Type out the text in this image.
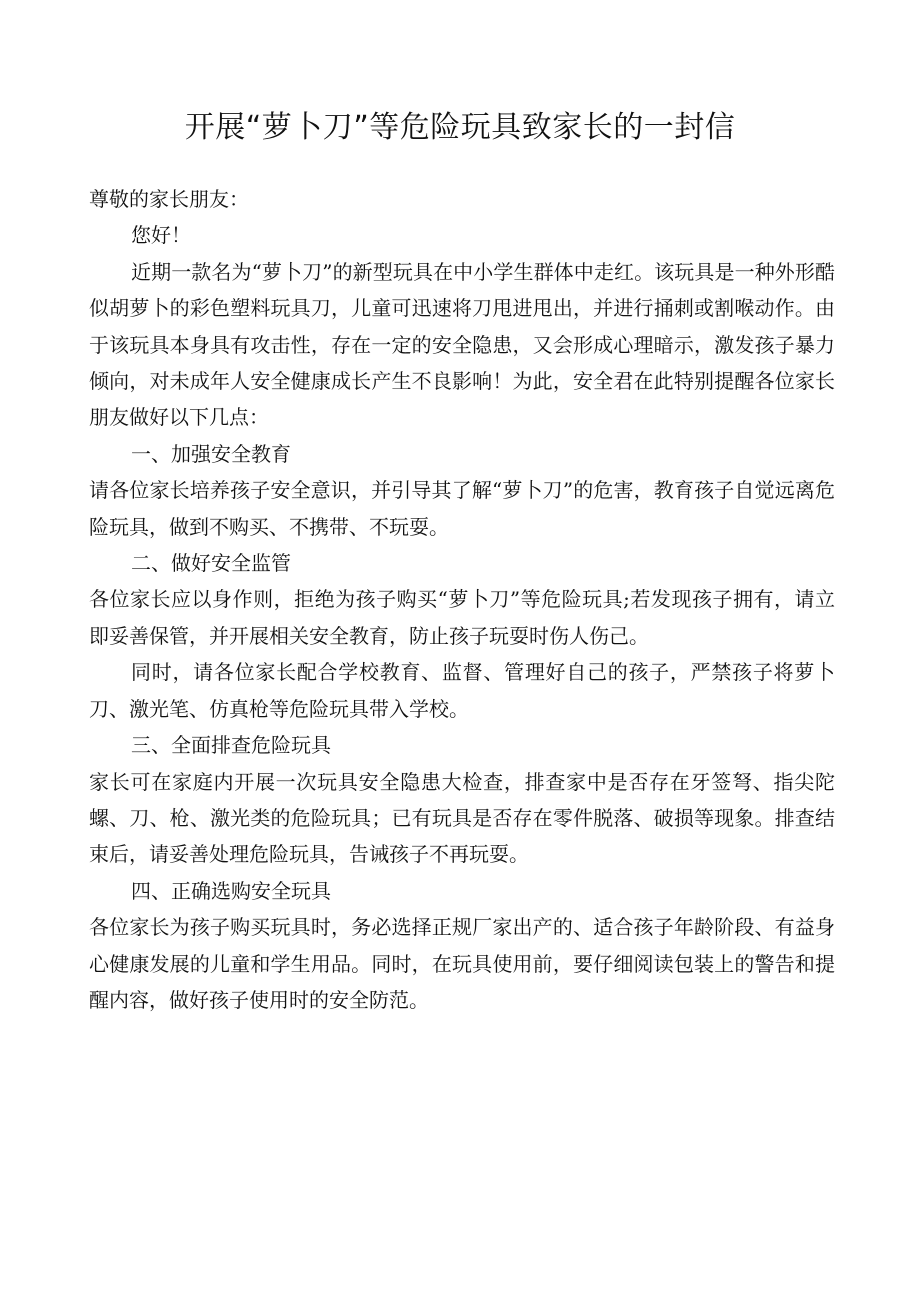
开展“萝卜刀”等危险玩具致家长的一封信

尊敬的家长朋友：

您好！

近期一款名为“萝卜刀”的新型玩具在中小学生群体中走红。该玩具是一种外形酷似胡萝卜的彩色塑料玩具刀，儿童可迅速将刀甩进甩出，并进行捅刺或割喉动作。由于该玩具本身具有攻击性，存在一定的安全隐患，又会形成心理暗示，激发孩子暴力倾向，对未成年人安全健康成长产生不良影响！为此，安全君在此特别提醒各位家长朋友做好以下几点：

一、加强安全教育

请各位家长培养孩子安全意识，并引导其了解“萝卜刀”的危害，教育孩子自觉远离危险玩具，做到不购买、不携带、不玩耍。

二、做好安全监管

各位家长应以身作则，拒绝为孩子购买“萝卜刀”等危险玩具;若发现孩子拥有，请立即妥善保管，并开展相关安全教育，防止孩子玩耍时伤人伤己。

同时，请各位家长配合学校教育、监督、管理好自己的孩子，严禁孩子将萝卜刀、激光笔、仿真枪等危险玩具带入学校。

三、全面排查危险玩具

家长可在家庭内开展一次玩具安全隐患大检查，排查家中是否存在牙签弩、指尖陀螺、刀、枪、激光类的危险玩具；已有玩具是否存在零件脱落、破损等现象。排查结束后，请妥善处理危险玩具，告诫孩子不再玩耍。

四、正确选购安全玩具

各位家长为孩子购买玩具时，务必选择正规厂家出产的、适合孩子年龄阶段、有益身心健康发展的儿童和学生用品。同时，在玩具使用前，要仔细阅读包装上的警告和提醒内容，做好孩子使用时的安全防范。
